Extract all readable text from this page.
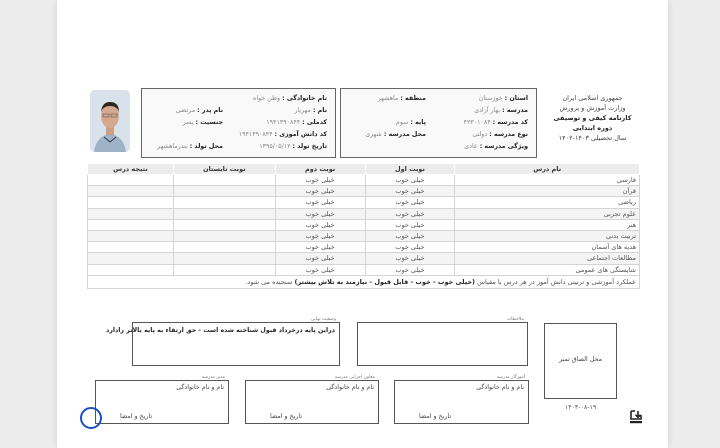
جمهوری اسلامی ایران
وزارت آموزش و پرورش
کارنامه کیفی و توصیفی
دوره ابتدایی
سال تحصیلی ۱۴۰۳-۱۴۰۲
استان : خوزستان
منطقه : ماهشهر
مدرسه : بهار آزادی
کد مدرسه : ۴۲۳۰۱۰۸۴
پایه : سوم
نوع مدرسه : دولتی
محل مدرسه : شهری
ویژگی مدرسه : عادی
نام خانوادگی : وطن خواه
نام : مهریار
نام پدر : مرتضی
کدملی : ۱۹۴۱۳۹۰۸۴۴
جنسیت : پسر
کد دانش آموزی : ۱۹۴۱۳۹۰۸۴۴
تاریخ تولد : ۱۳۹۵/۰۵/۱۲
محل تولد : بندرماهشهر
نام درس	نوبت اول	نوبت دوم	نوبت تابستان	نتیجه درس
فارسی	خیلی خوب	خیلی خوب		
قرآن	خیلی خوب	خیلی خوب		
ریاضی	خیلی خوب	خیلی خوب		
علوم تجربی	خیلی خوب	خیلی خوب		
هنر	خیلی خوب	خیلی خوب		
تربیت بدنی	خیلی خوب	خیلی خوب		
هدیه های آسمان	خیلی خوب	خیلی خوب		
مطالعات اجتماعی	خیلی خوب	خیلی خوب		
شایستگی های عمومی	خیلی خوب	خیلی خوب		
عملکرد آموزشی و تربیتی دانش آموز در هر درس با مقیاس (خیلی خوب - خوب - قابل قبول - نیازمند به تلاش بیشتر) سنجیده می شود.				
وضعیت نهایی
دراین پایه درخرداد قبول شناخته شده است - حق ارتقاء به پایه بالاتر رادارد
ملاحظات
محل الصاق تمبر
۱۴۰۳-۰۸-۱۹
آموزگار مدرسه
نام و نام خانوادگی
تاریخ و امضا
معاون اجرایی مدرسه
نام و نام خانوادگی
تاریخ و امضا
مدیر مدرسه
نام و نام خانوادگی
تاریخ و امضا
